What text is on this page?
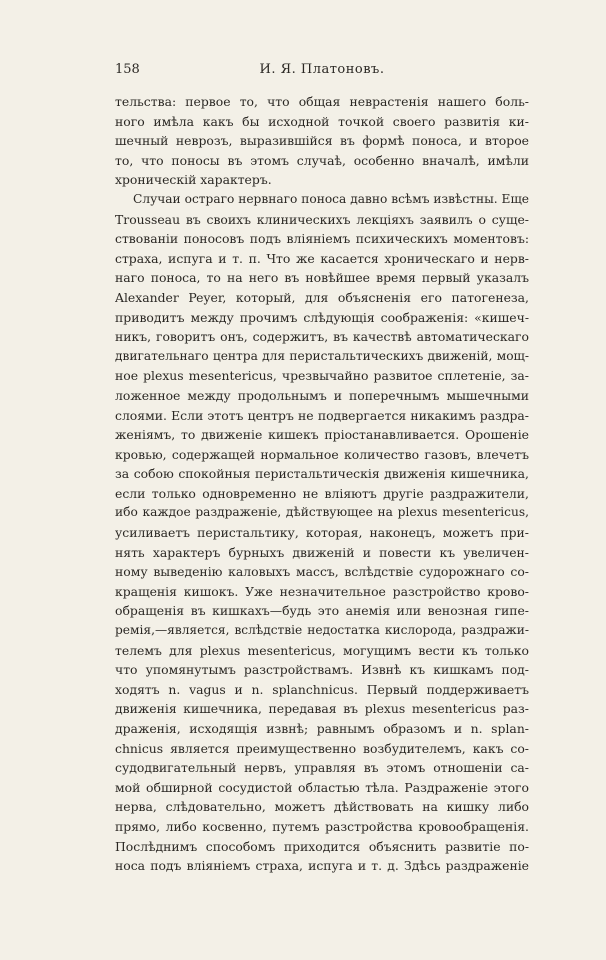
158	И. Я. Платоновъ.
тельства: первое то, что общая неврастенія нашего боль-
ного имѣла какъ бы исходной точкой своего развитія ки-
шечный неврозъ, выразившійся въ формѣ поноса, и второе
то, что поносы въ этомъ случаѣ, особенно вначалѣ, имѣли
хроническій характеръ.
Случаи остраго нервнаго поноса давно всѣмъ извѣстны. Еще
Trousseau въ своихъ клиническихъ лекціяхъ заявилъ о суще-
ствованіи поносовъ подъ вліяніемъ психическихъ моментовъ:
страха, испуга и т. п. Что же касается хроническаго и нерв-
наго поноса, то на него въ новѣйшее время первый указалъ
Alexander Peyer, который, для объясненія его патогенеза,
приводитъ между прочимъ слѣдующія соображенія: «кишеч-
никъ, говоритъ онъ, содержитъ, въ качествѣ автоматическаго
двигательнаго центра для перистальтическихъ движеній, мощ-
ное plexus mesentericus, чрезвычайно развитое сплетеніе, за-
ложенное между продольнымъ и поперечнымъ мышечными
слоями. Если этотъ центръ не подвергается никакимъ раздра-
женіямъ, то движеніе кишекъ пріостанавливается. Орошеніе
кровью, содержащей нормальное количество газовъ, влечетъ
за собою спокойныя перистальтическія движенія кишечника,
если только одновременно не вліяютъ другіе раздражители,
ибо каждое раздраженіе, дѣйствующее на plexus mesentericus,
усиливаетъ перистальтику, которая, наконецъ, можетъ при-
нять характеръ бурныхъ движеній и повести къ увеличен-
ному выведенію каловыхъ массъ, вслѣдствіе судорожнаго со-
кращенія кишокъ. Уже незначительное разстройство крово-
обращенія въ кишкахъ—будь это анемія или венозная гипе-
ремія,—является, вслѣдствіе недостатка кислорода, раздражи-
телемъ для plexus mesentericus, могущимъ вести къ только
что упомянутымъ разстройствамъ. Извнѣ къ кишкамъ под-
ходятъ n. vagus и n. splanchnicus. Первый поддерживаетъ
движенія кишечника, передавая въ plexus mesentericus раз-
драженія, исходящія извнѣ; равнымъ образомъ и n. splan-
chnicus является преимущественно возбудителемъ, какъ со-
судодвигательный нервъ, управляя въ этомъ отношеніи са-
мой обширной сосудистой областью тѣла. Раздраженіе этого
нерва, слѣдовательно, можетъ дѣйствовать на кишку либо
прямо, либо косвенно, путемъ разстройства кровообращенія.
Послѣднимъ способомъ приходится объяснить развитіе по-
носа подъ вліяніемъ страха, испуга и т. д. Здѣсь раздраженіе
